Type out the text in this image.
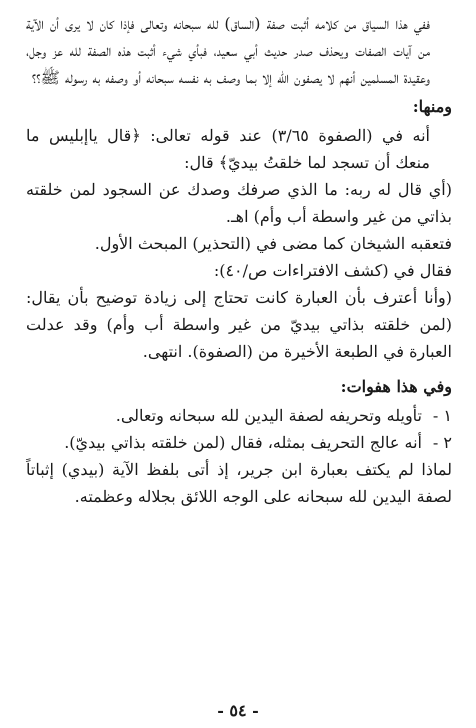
ففي هذا السياق من كلامه أثبت صفة (الساق) لله سبحانه وتعالى فإذا كان لا يرى أن الآية من آيات الصفات ويحذف صدر حديث أبي سعيد، فبأي شيء أثبت هذه الصفة لله عز وجل، وعقيدة المسلمين أنهم لا يصفون الله إلا بما وصف به نفسه سبحانه أو وصفه به رسوله ﷺ؟؟

ومنها:

أنه في (الصفوة ٣/٦٥) عند قوله تعالى: ﴿قال ياإبليس ما منعك أن تسجد لما خلقتُ بيديّ﴾ قال:

(أي قال له ربه: ما الذي صرفك وصدك عن السجود لمن خلقته بذاتي من غير واسطة أب وأم) اهـ.

فتعقبه الشيخان كما مضى في (التحذير) المبحث الأول.

فقال في (كشف الافتراءات ص/٤٠):

(وأنا أعترف بأن العبارة كانت تحتاج إلى زيادة توضيح بأن يقال: (لمن خلقته بذاتي بيديّ من غير واسطة أب وأم) وقد عدلت العبارة في الطبعة الأخيرة من (الصفوة). انتهى.

وفي هذا هفوات:

١ -
تأويله وتحريفه لصفة اليدين لله سبحانه وتعالى.
٢ -
أنه عالج التحريف بمثله، فقال (لمن خلقته بذاتي بيديّ).

لماذا لم يكتف بعبارة ابن جرير، إذ أتى بلفظ الآية (بيدي) إثباتاً لصفة اليدين لله سبحانه على الوجه اللائق بجلاله وعظمته.

- ٥٤ -
